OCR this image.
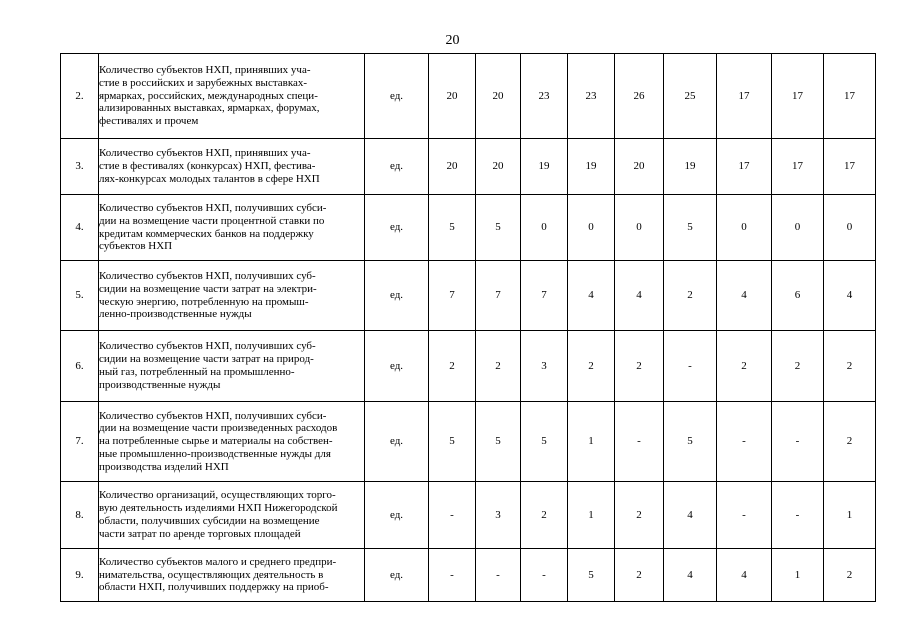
20
2.	Количество субъектов НХП, принявших уча-
стие в российских и зарубежных выставках-
ярмарках, российских, международных специ-
ализированных выставках, ярмарках, форумах,
фестивалях и прочем	ед.	20	20	23	23	26	25	17	17	17
3.	Количество субъектов НХП, принявших уча-
стие в фестивалях (конкурсах) НХП, фестива-
лях-конкурсах молодых талантов в сфере НХП	ед.	20	20	19	19	20	19	17	17	17
4.	Количество субъектов НХП, получивших субси-
дии на возмещение части процентной ставки по
кредитам коммерческих банков на поддержку
субъектов НХП	ед.	5	5	0	0	0	5	0	0	0
5.	Количество субъектов НХП, получивших суб-
сидии на возмещение части затрат на электри-
ческую энергию, потребленную на промыш-
ленно-производственные нужды	ед.	7	7	7	4	4	2	4	6	4
6.	Количество субъектов НХП, получивших суб-
сидии на возмещение части затрат на природ-
ный газ, потребленный на промышленно-
производственные нужды	ед.	2	2	3	2	2	-	2	2	2
7.	Количество субъектов НХП, получивших субси-
дии на возмещение части произведенных расходов
на потребленные сырье и материалы на собствен-
ные промышленно-производственные нужды для
производства изделий НХП	ед.	5	5	5	1	-	5	-	-	2
8.	Количество организаций, осуществляющих торго-
вую деятельность изделиями НХП Нижегородской
области, получивших субсидии на возмещение
части затрат по аренде торговых площадей	ед.	-	3	2	1	2	4	-	-	1
9.	Количество субъектов малого и среднего предпри-
нимательства, осуществляющих деятельность в
области НХП, получивших поддержку на приоб-	ед.	-	-	-	5	2	4	4	1	2
